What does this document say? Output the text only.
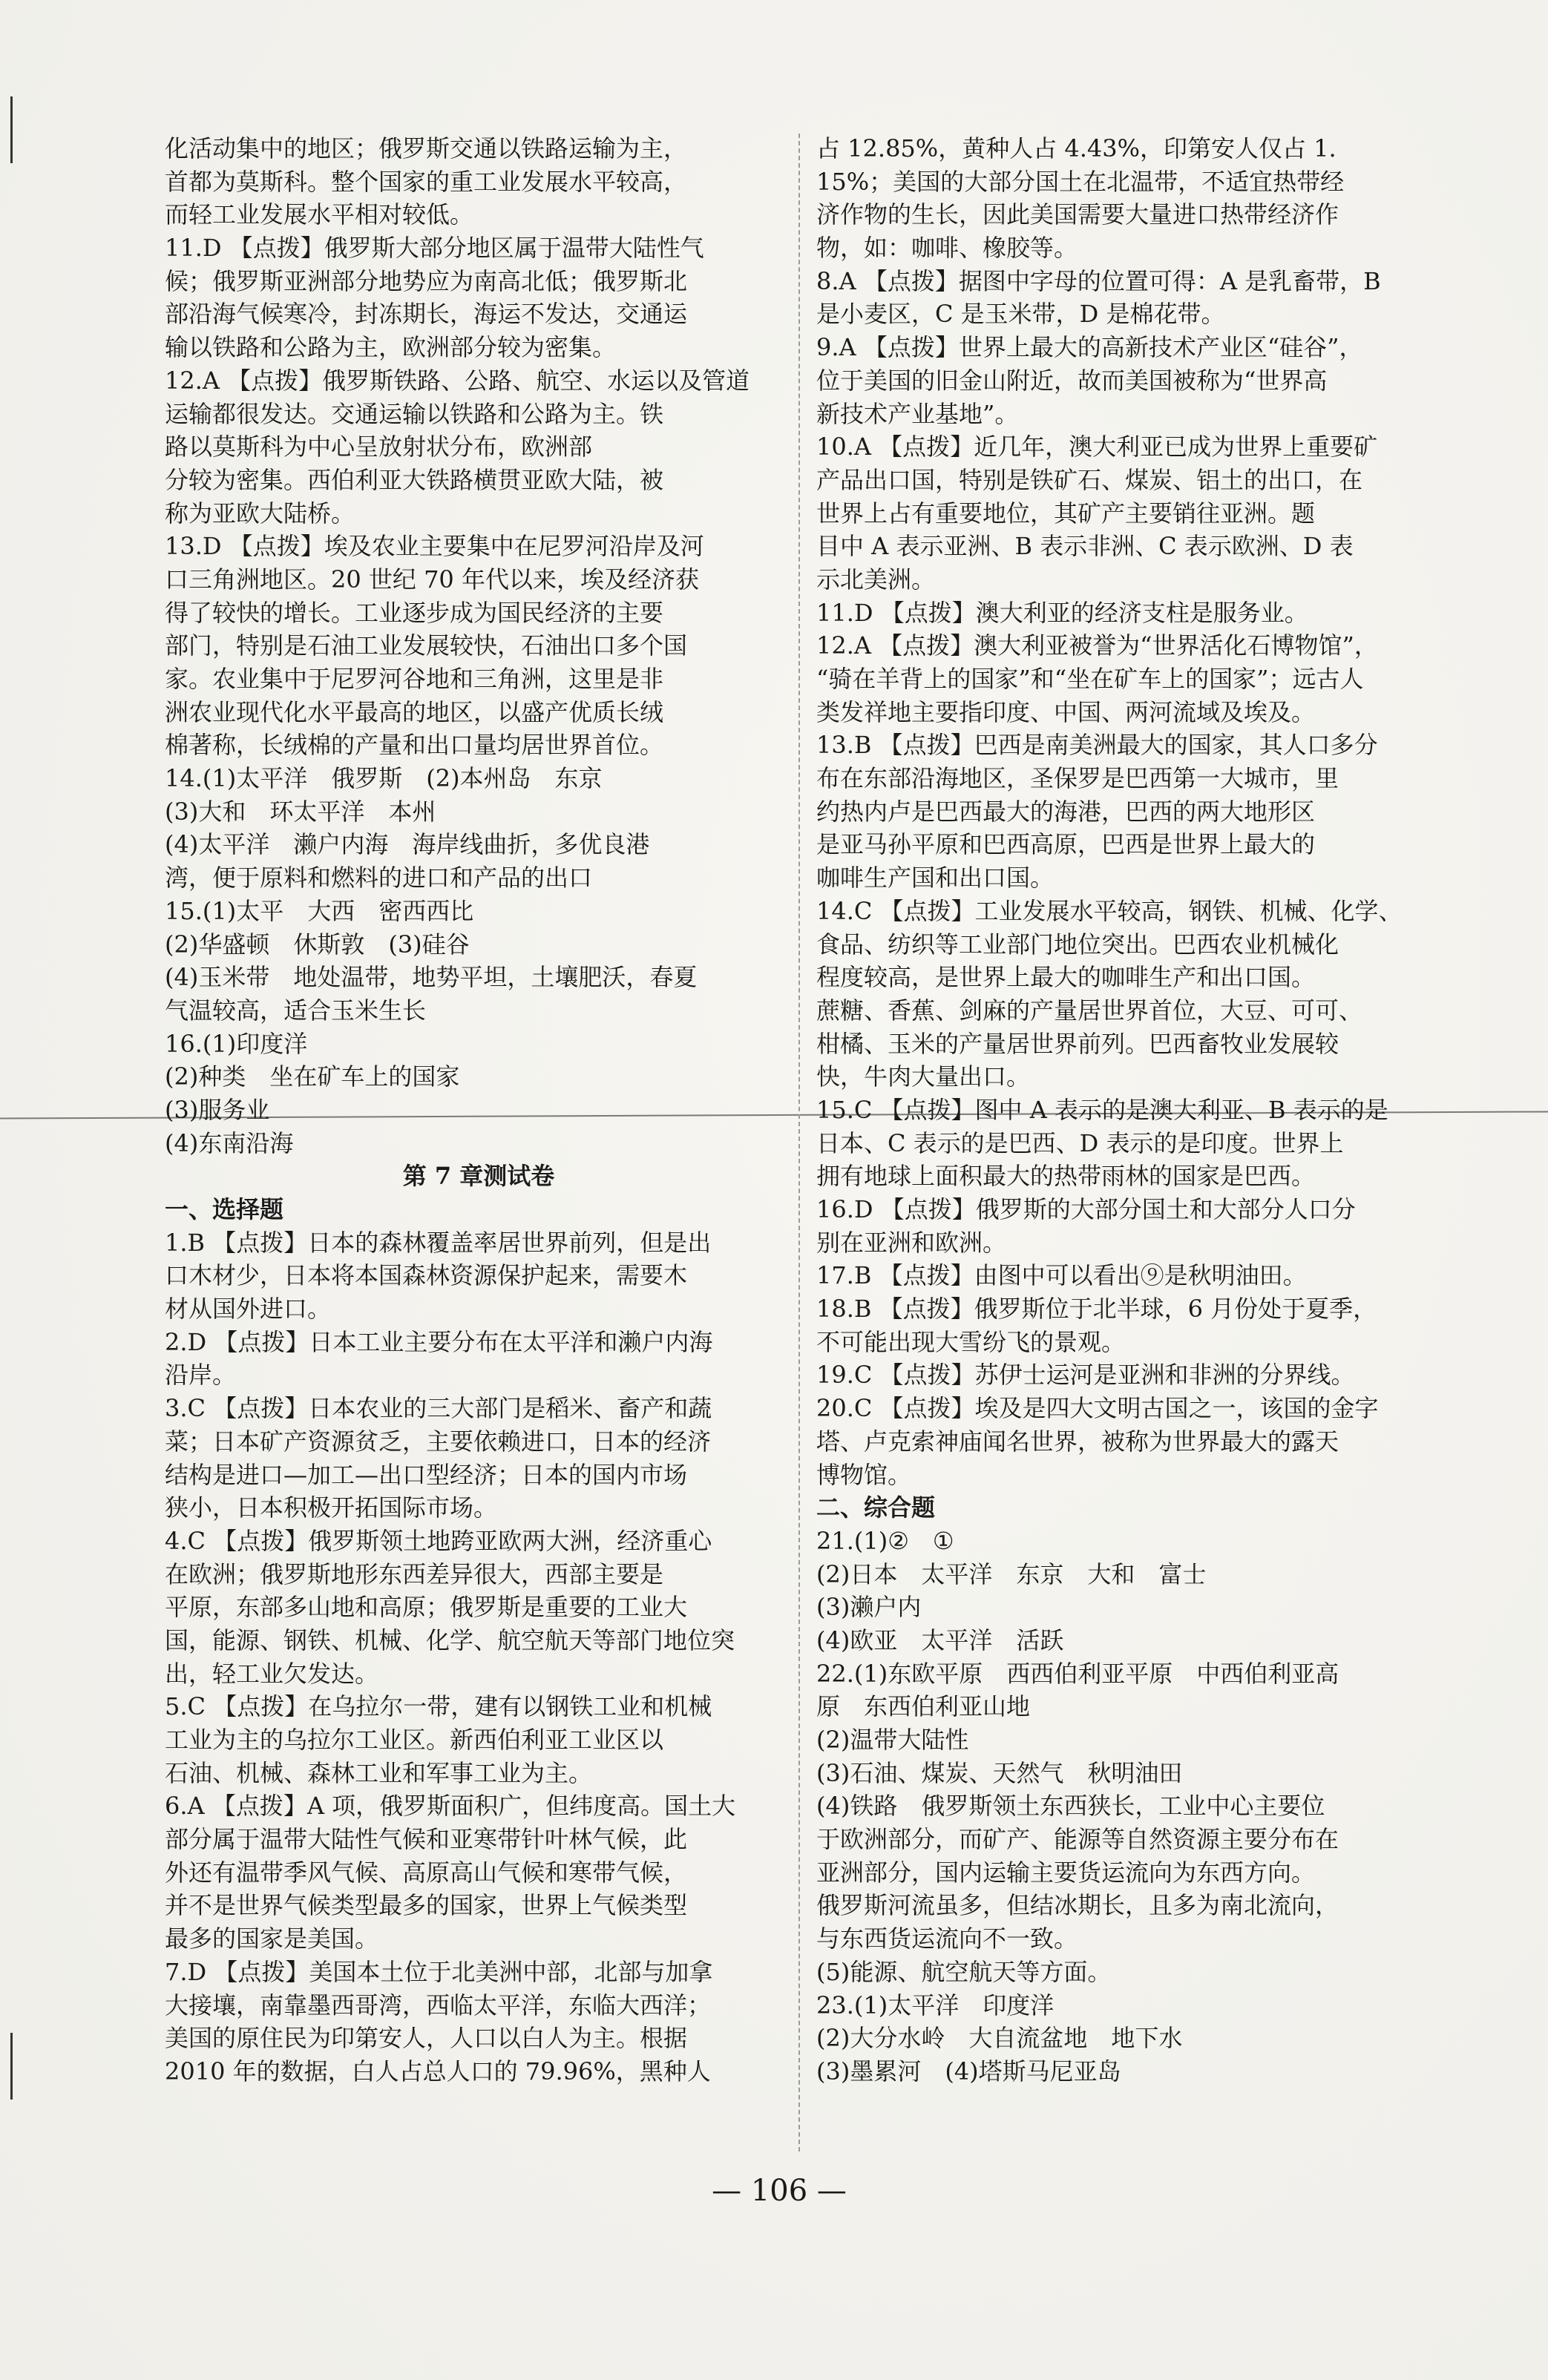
化活动集中的地区；俄罗斯交通以铁路运输为主，
首都为莫斯科。整个国家的重工业发展水平较高，
而轻工业发展水平相对较低。
11.D 【点拨】俄罗斯大部分地区属于温带大陆性气
候；俄罗斯亚洲部分地势应为南高北低；俄罗斯北
部沿海气候寒冷，封冻期长，海运不发达，交通运
输以铁路和公路为主，欧洲部分较为密集。
12.A 【点拨】俄罗斯铁路、公路、航空、水运以及管道
运输都很发达。交通运输以铁路和公路为主。铁
路以莫斯科为中心呈放射状分布，欧洲部
分较为密集。西伯利亚大铁路横贯亚欧大陆，被
称为亚欧大陆桥。
13.D 【点拨】埃及农业主要集中在尼罗河沿岸及河
口三角洲地区。20 世纪 70 年代以来，埃及经济获
得了较快的增长。工业逐步成为国民经济的主要
部门，特别是石油工业发展较快，石油出口多个国
家。农业集中于尼罗河谷地和三角洲，这里是非
洲农业现代化水平最高的地区，以盛产优质长绒
棉著称，长绒棉的产量和出口量均居世界首位。
14.(1)太平洋　俄罗斯　(2)本州岛　东京
(3)大和　环太平洋　本州
(4)太平洋　濑户内海　海岸线曲折，多优良港
湾，便于原料和燃料的进口和产品的出口
15.(1)太平　大西　密西西比
(2)华盛顿　休斯敦　(3)硅谷
(4)玉米带　地处温带，地势平坦，土壤肥沃，春夏
气温较高，适合玉米生长
16.(1)印度洋
(2)种类　坐在矿车上的国家
(3)服务业
(4)东南沿海
第 7 章测试卷
一、选择题
1.B 【点拨】日本的森林覆盖率居世界前列，但是出
口木材少，日本将本国森林资源保护起来，需要木
材从国外进口。
2.D 【点拨】日本工业主要分布在太平洋和濑户内海
沿岸。
3.C 【点拨】日本农业的三大部门是稻米、畜产和蔬
菜；日本矿产资源贫乏，主要依赖进口，日本的经济
结构是进口—加工—出口型经济；日本的国内市场
狭小，日本积极开拓国际市场。
4.C 【点拨】俄罗斯领土地跨亚欧两大洲，经济重心
在欧洲；俄罗斯地形东西差异很大，西部主要是
平原，东部多山地和高原；俄罗斯是重要的工业大
国，能源、钢铁、机械、化学、航空航天等部门地位突
出，轻工业欠发达。
5.C 【点拨】在乌拉尔一带，建有以钢铁工业和机械
工业为主的乌拉尔工业区。新西伯利亚工业区以
石油、机械、森林工业和军事工业为主。
6.A 【点拨】A 项，俄罗斯面积广，但纬度高。国土大
部分属于温带大陆性气候和亚寒带针叶林气候，此
外还有温带季风气候、高原高山气候和寒带气候，
并不是世界气候类型最多的国家，世界上气候类型
最多的国家是美国。
7.D 【点拨】美国本土位于北美洲中部，北部与加拿
大接壤，南靠墨西哥湾，西临太平洋，东临大西洋；
美国的原住民为印第安人，人口以白人为主。根据
2010 年的数据，白人占总人口的 79.96%，黑种人
占 12.85%，黄种人占 4.43%，印第安人仅占 1.
15%；美国的大部分国土在北温带，不适宜热带经
济作物的生长，因此美国需要大量进口热带经济作
物，如：咖啡、橡胶等。
8.A 【点拨】据图中字母的位置可得：A 是乳畜带，B
是小麦区，C 是玉米带，D 是棉花带。
9.A 【点拨】世界上最大的高新技术产业区“硅谷”，
位于美国的旧金山附近，故而美国被称为“世界高
新技术产业基地”。
10.A 【点拨】近几年，澳大利亚已成为世界上重要矿
产品出口国，特别是铁矿石、煤炭、铝土的出口，在
世界上占有重要地位，其矿产主要销往亚洲。题
目中 A 表示亚洲、B 表示非洲、C 表示欧洲、D 表
示北美洲。
11.D 【点拨】澳大利亚的经济支柱是服务业。
12.A 【点拨】澳大利亚被誉为“世界活化石博物馆”，
“骑在羊背上的国家”和“坐在矿车上的国家”；远古人
类发祥地主要指印度、中国、两河流域及埃及。
13.B 【点拨】巴西是南美洲最大的国家，其人口多分
布在东部沿海地区，圣保罗是巴西第一大城市，里
约热内卢是巴西最大的海港，巴西的两大地形区
是亚马孙平原和巴西高原，巴西是世界上最大的
咖啡生产国和出口国。
14.C 【点拨】工业发展水平较高，钢铁、机械、化学、
食品、纺织等工业部门地位突出。巴西农业机械化
程度较高，是世界上最大的咖啡生产和出口国。
蔗糖、香蕉、剑麻的产量居世界首位，大豆、可可、
柑橘、玉米的产量居世界前列。巴西畜牧业发展较
快，牛肉大量出口。
15.C 【点拨】图中 A 表示的是澳大利亚、B 表示的是
日本、C 表示的是巴西、D 表示的是印度。世界上
拥有地球上面积最大的热带雨林的国家是巴西。
16.D 【点拨】俄罗斯的大部分国土和大部分人口分
别在亚洲和欧洲。
17.B 【点拨】由图中可以看出⑨是秋明油田。
18.B 【点拨】俄罗斯位于北半球，6 月份处于夏季，
不可能出现大雪纷飞的景观。
19.C 【点拨】苏伊士运河是亚洲和非洲的分界线。
20.C 【点拨】埃及是四大文明古国之一，该国的金字
塔、卢克索神庙闻名世界，被称为世界最大的露天
博物馆。
二、综合题
21.(1)②　①
(2)日本　太平洋　东京　大和　富士
(3)濑户内
(4)欧亚　太平洋　活跃
22.(1)东欧平原　西西伯利亚平原　中西伯利亚高
原　东西伯利亚山地
(2)温带大陆性
(3)石油、煤炭、天然气　秋明油田
(4)铁路　俄罗斯领土东西狭长，工业中心主要位
于欧洲部分，而矿产、能源等自然资源主要分布在
亚洲部分，国内运输主要货运流向为东西方向。
俄罗斯河流虽多，但结冰期长，且多为南北流向，
与东西货运流向不一致。
(5)能源、航空航天等方面。
23.(1)太平洋　印度洋
(2)大分水岭　大自流盆地　地下水
(3)墨累河　(4)塔斯马尼亚岛
— 106 —
